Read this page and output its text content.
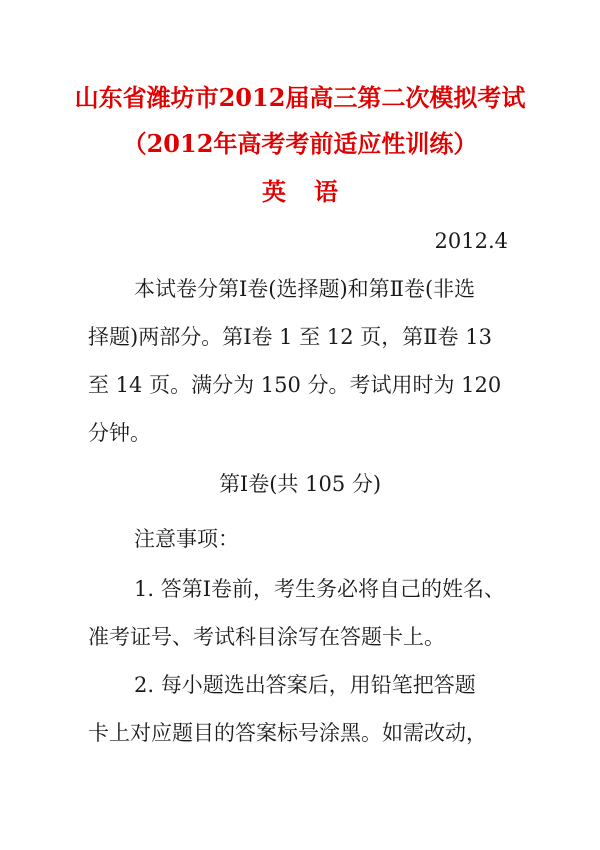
山东省潍坊市2012届高三第二次模拟考试
（2012年高考考前适应性训练）
英语
2012.4
本试卷分第Ⅰ卷(选择题)和第Ⅱ卷(非选
择题)两部分。第Ⅰ卷 1 至 12 页，第Ⅱ卷 13
至 14 页。满分为 150 分。考试用时为 120
分钟。
第Ⅰ卷(共 105 分)
注意事项：
1. 答第Ⅰ卷前，考生务必将自己的姓名、
准考证号、考试科目涂写在答题卡上。
2. 每小题选出答案后，用铅笔把答题
卡上对应题目的答案标号涂黑。如需改动，
